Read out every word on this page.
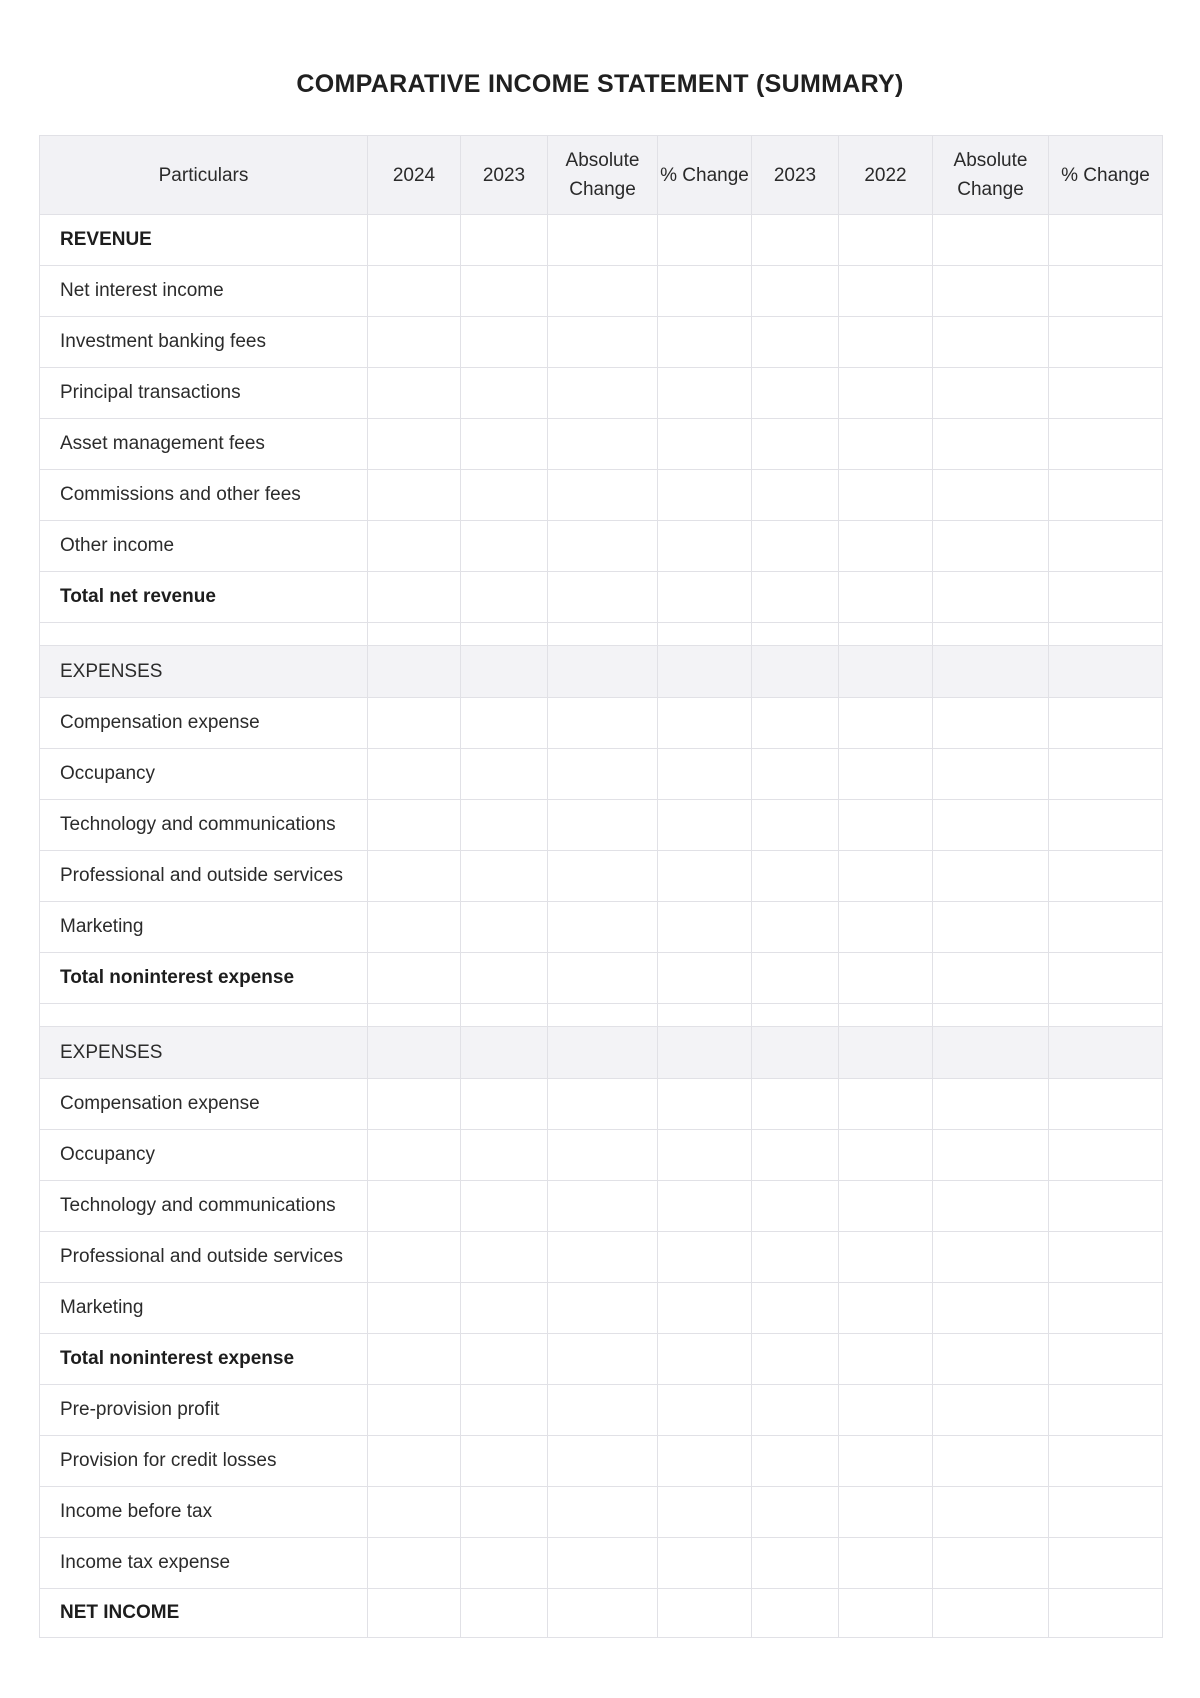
COMPARATIVE INCOME STATEMENT (SUMMARY)
Particulars	2024	2023	Absolute Change	% Change	2023	2022	Absolute Change	% Change
REVENUE								
Net interest income								
Investment banking fees								
Principal transactions								
Asset management fees								
Commissions and other fees								
Other income								
Total net revenue								

EXPENSES								
Compensation expense								
Occupancy								
Technology and communications								
Professional and outside services								
Marketing								
Total noninterest expense								

EXPENSES								
Compensation expense								
Occupancy								
Technology and communications								
Professional and outside services								
Marketing								
Total noninterest expense								
Pre-provision profit								
Provision for credit losses								
Income before tax								
Income tax expense								
NET INCOME								
